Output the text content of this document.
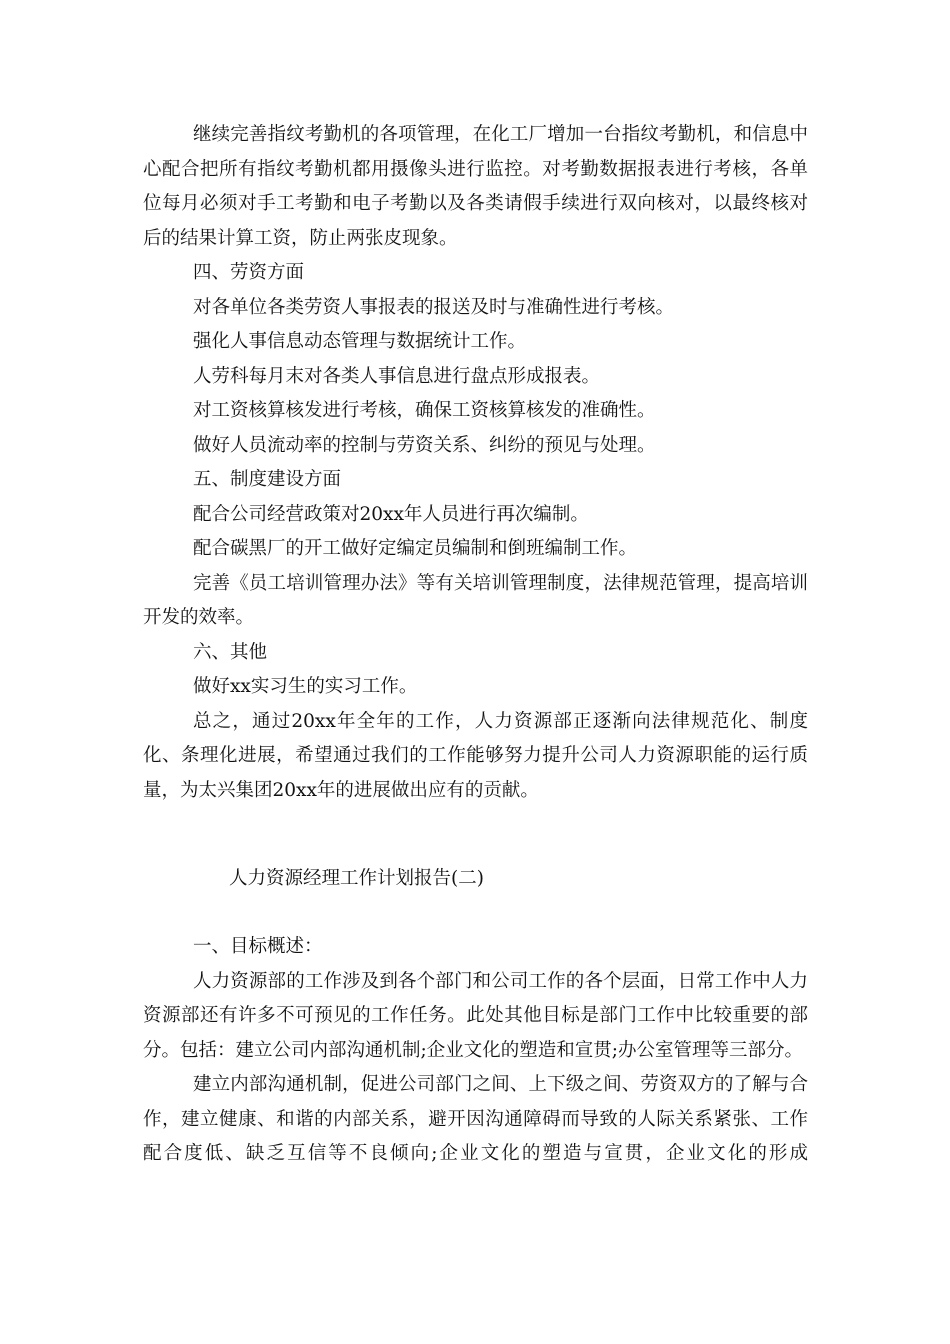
继续完善指纹考勤机的各项管理，在化工厂增加一台指纹考勤机，和信息中心配合把所有指纹考勤机都用摄像头进行监控。对考勤数据报表进行考核，各单位每月必须对手工考勤和电子考勤以及各类请假手续进行双向核对，以最终核对后的结果计算工资，防止两张皮现象。

四、劳资方面

对各单位各类劳资人事报表的报送及时与准确性进行考核。

强化人事信息动态管理与数据统计工作。

人劳科每月末对各类人事信息进行盘点形成报表。

对工资核算核发进行考核，确保工资核算核发的准确性。

做好人员流动率的控制与劳资关系、纠纷的预见与处理。

五、制度建设方面

配合公司经营政策对20xx年人员进行再次编制。

配合碳黑厂的开工做好定编定员编制和倒班编制工作。

完善《员工培训管理办法》等有关培训管理制度，法律规范管理，提高培训开发的效率。

六、其他

做好xx实习生的实习工作。

总之，通过20xx年全年的工作，人力资源部正逐渐向法律规范化、制度化、条理化进展，希望通过我们的工作能够努力提升公司人力资源职能的运行质量，为太兴集团20xx年的进展做出应有的贡献。

人力资源经理工作计划报告(二)

一、目标概述：

人力资源部的工作涉及到各个部门和公司工作的各个层面，日常工作中人力资源部还有许多不可预见的工作任务。此处其他目标是部门工作中比较重要的部分。包括：建立公司内部沟通机制;企业文化的塑造和宣贯;办公室管理等三部分。

建立内部沟通机制，促进公司部门之间、上下级之间、劳资双方的了解与合作，建立健康、和谐的内部关系，避开因沟通障碍而导致的人际关系紧张、工作配合度低、缺乏互信等不良倾向;企业文化的塑造与宣贯，企业文化的形成
